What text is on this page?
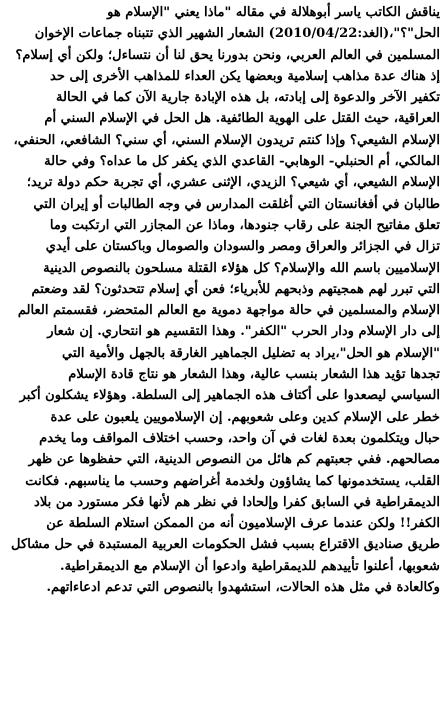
يناقش الكاتب ياسر أبوهلالة في مقاله "ماذا يعني "الإسلام هو
الحل"؟"،(الغد:2010/04/22) الشعار الشهير الذي تتبناه جماعات الإخوان
المسلمين في العالم العربي، ونحن بدورنا يحق لنا أن نتساءل؛ ولكن أي إسلام؟
إذ هناك عدة مذاهب إسلامية وبعضها يكن العداء للمذاهب الأخرى إلى حد
تكفير الآخر والدعوة إلى إبادته، بل هذه الإبادة جارية الآن كما في الحالة
العراقية، حيث القتل على الهوية الطائفية. هل الحل في الإسلام السني أم
الإسلام الشيعي؟ وإذا كنتم تريدون الإسلام السني، أي سني؟ الشافعي، الحنفي،
المالكي، أم الحنبلي- الوهابي- القاعدي الذي يكفر كل ما عداه؟ وفي حالة
الإسلام الشيعي، أي شيعي؟ الزيدي، الإثنى عشري، أي تجربة حكم دولة تريد؛
طالبان في أفغانستان التي أغلقت المدارس في وجه الطالبات أو إيران التي
تعلق مفاتيح الجنة على رقاب جنودها، وماذا عن المجازر التي ارتكبت وما
تزال في الجزائر والعراق ومصر والسودان والصومال وباكستان على أيدي
الإسلاميين باسم الله والإسلام؟ كل هؤلاء القتلة مسلحون بالنصوص الدينية
التي تبرر لهم همجيتهم وذبحهم للأبرياء؛ فعن أي إسلام تتحدثون؟ لقد وضعتم
الإسلام والمسلمين في حالة مواجهة دموية مع العالم المتحضر، فقسمتم العالم
إلى دار الإسلام ودار الحرب "الكفر". وهذا التقسيم هو انتحاري. إن شعار
"الإسلام هو الحل"،يراد به تضليل الجماهير الغارقة بالجهل والأمية التي
تجدها تؤيد هذا الشعار بنسب عالية، وهذا الشعار هو نتاج قادة الإسلام
السياسي ليصعدوا على أكتاف هذه الجماهير إلى السلطة. وهؤلاء يشكلون أكبر
خطر على الإسلام كدين وعلى شعوبهم. إن الإسلامويين يلعبون على عدة
حبال ويتكلمون بعدة لغات في آن واحد، وحسب اختلاف المواقف وما يخدم
مصالحهم. ففي جعبتهم كم هائل من النصوص الدينية، التي حفظوها عن ظهر
القلب، يستخدمونها كما يشاؤون ولخدمة أغراضهم وحسب ما يناسبهم. فكانت
الديمقراطية في السابق كفرا وإلحادا في نظر هم لأنها فكر مستورد من بلاد
الكفر!! ولكن عندما عرف الإسلاميون أنه من الممكن استلام السلطة عن
طريق صناديق الاقتراع بسبب فشل الحكومات العربية المستبدة في حل مشاكل
شعوبها، أعلنوا تأييدهم للديمقراطية وادعوا أن الإسلام مع الديمقراطية.
وكالعادة في مثل هذه الحالات، استشهدوا بالنصوص التي تدعم ادعاءاتهم.
